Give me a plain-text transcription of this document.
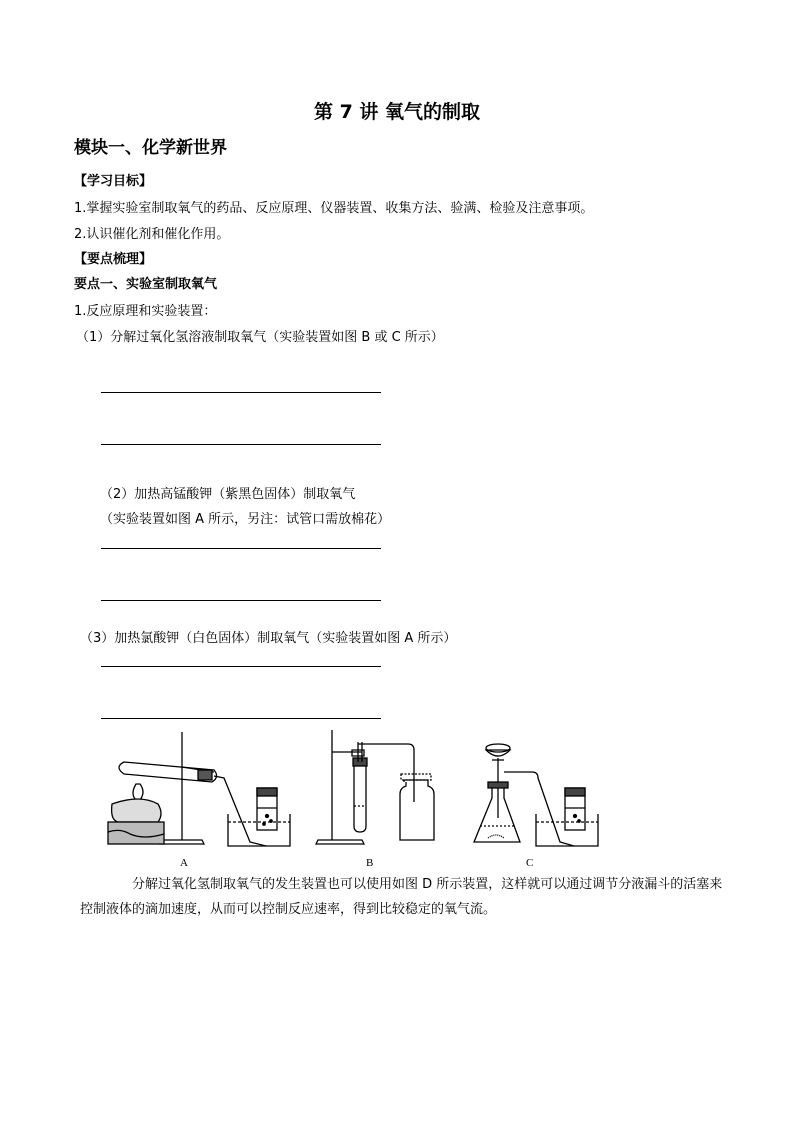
第 7 讲 氧气的制取
模块一、化学新世界
【学习目标】
1.掌握实验室制取氧气的药品、反应原理、仪器装置、收集方法、验满、检验及注意事项。
2.认识催化剂和催化作用。
【要点梳理】
要点一、实验室制取氧气
1.反应原理和实验装置：
（1）分解过氧化氢溶液制取氧气（实验装置如图 B 或 C 所示）
（2）加热高锰酸钾（紫黑色固体）制取氧气
（实验装置如图 A 所示，另注：试管口需放棉花）
（3）加热氯酸钾（白色固体）制取氧气（实验装置如图 A 所示）
A	B	C
分解过氧化氢制取氧气的发生装置也可以使用如图 D 所示装置，这样就可以通过调节分液漏斗的活塞来控制液体的滴加速度，从而可以控制反应速率，得到比较稳定的氧气流。
